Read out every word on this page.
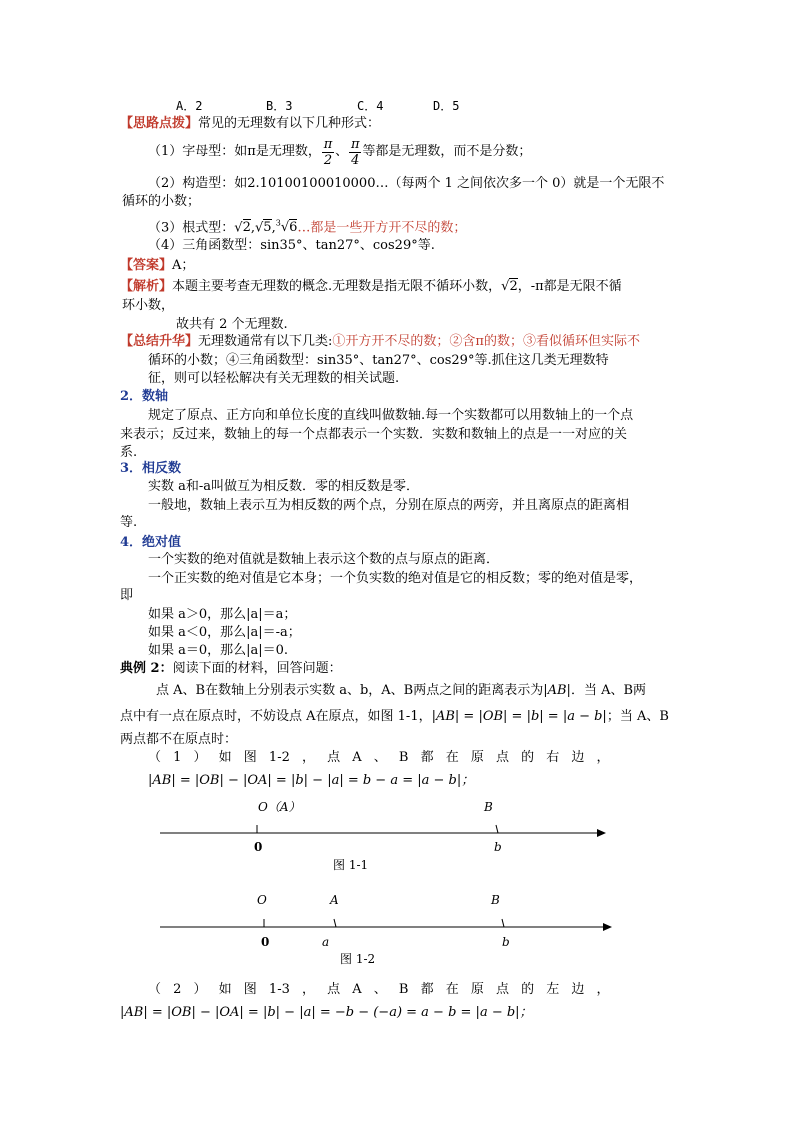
A．2	B．3	C．4	D．5
【思路点拨】常见的无理数有以下几种形式：
（1）字母型：如π是无理数， $\frac{\pi}{2}$ 、 $\frac{\pi}{4}$ 等都是无理数，而不是分数；
（2）构造型：如2.10100100010000…（每两个 1 之间依次多一个 0）就是一个无限不
循环的小数；
（3）根式型：√2,√5,$^3$√6…都是一些开方开不尽的数；
（4）三角函数型：sin35°、tan27°、cos29°等.
【答案】A；
【解析】本题主要考查无理数的概念.无理数是指无限不循环小数，√2，-π都是无限不循
环小数，
故共有 2 个无理数.
【总结升华】无理数通常有以下几类:①开方开不尽的数；②含π的数；③看似循环但实际不
循环的小数；④三角函数型：sin35°、tan27°、cos29°等.抓住这几类无理数特
征，则可以轻松解决有关无理数的相关试题.
2．数轴
规定了原点、正方向和单位长度的直线叫做数轴.每一个实数都可以用数轴上的一个点
来表示；反过来，数轴上的每一个点都表示一个实数．实数和数轴上的点是一一对应的关
系.
3．相反数
实数 a和-a叫做互为相反数．零的相反数是零．
一般地，数轴上表示互为相反数的两个点，分别在原点的两旁，并且离原点的距离相
等.
4．绝对值
一个实数的绝对值就是数轴上表示这个数的点与原点的距离．
一个正实数的绝对值是它本身；一个负实数的绝对值是它的相反数；零的绝对值是零，
即
如果 a＞0，那么|a|＝a；
如果 a＜0，那么|a|＝-a；
如果 a＝0，那么|a|＝0.
典例 2：阅读下面的材料，回答问题：
点 A、B在数轴上分别表示实数 a、b，A、B两点之间的距离表示为|AB|．当 A、B两
点中有一点在原点时，不妨设点 A在原点，如图 1-1，|AB| = |OB| = |b| = |a − b|；当 A、B
两点都不在原点时：
（ 1 ） 如 图 1-2 ， 点 A 、 B 都 在 原 点 的 右 边 ，
|AB| = |OB| − |OA| = |b| − |a| = b − a = |a − b|；
O（A）	B
0	b
图 1-1
O	A	B
0	a	b
图 1-2
（ 2 ） 如 图 1-3 ， 点 A 、 B 都 在 原 点 的 左 边 ，
|AB| = |OB| − |OA| = |b| − |a| = −b − (−a) = a − b = |a − b|；
